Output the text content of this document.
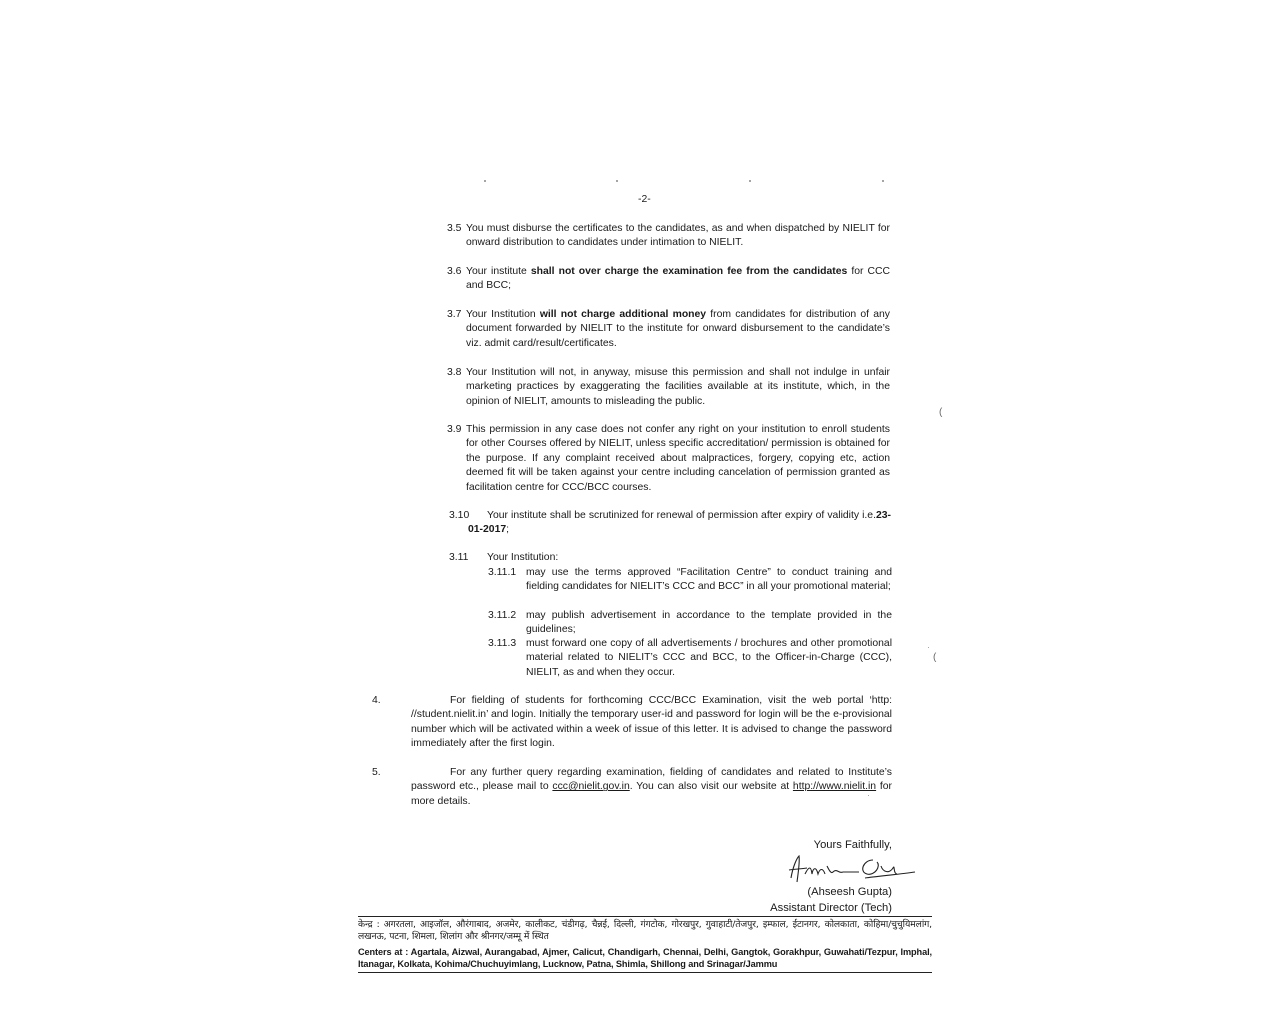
-2-
3.5 You must disburse the certificates to the candidates, as and when dispatched by NIELIT for onward distribution to candidates under intimation to NIELIT.
3.6 Your institute shall not over charge the examination fee from the candidates for CCC and BCC;
3.7 Your Institution will not charge additional money from candidates for distribution of any document forwarded by NIELIT to the institute for onward disbursement to the candidate’s viz. admit card/result/certificates.
3.8 Your Institution will not, in anyway, misuse this permission and shall not indulge in unfair marketing practices by exaggerating the facilities available at its institute, which, in the opinion of NIELIT, amounts to misleading the public.
3.9 This permission in any case does not confer any right on your institution to enroll students for other Courses offered by NIELIT, unless specific accreditation/ permission is obtained for the purpose. If any complaint received about malpractices, forgery, copying etc, action deemed fit will be taken against your centre including cancelation of permission granted as facilitation centre for CCC/BCC courses.
3.10	Your institute shall be scrutinized for renewal of permission after expiry of validity i.e.23-01-2017;
3.11 Your Institution:
3.11.1 may use the terms approved “Facilitation Centre” to conduct training and fielding candidates for NIELIT’s CCC and BCC” in all your promotional material;
3.11.2 may publish advertisement in accordance to the template provided in the guidelines;
3.11.3 must forward one copy of all advertisements / brochures and other promotional material related to NIELIT’s CCC and BCC, to the Officer-in-Charge (CCC), NIELIT, as and when they occur.
4.	For fielding of students for forthcoming CCC/BCC Examination, visit the web portal ‘http: //student.nielit.in’ and login. Initially the temporary user-id and password for login will be the e-provisional number which will be activated within a week of issue of this letter. It is advised to change the password immediately after the first login.
5.	For any further query regarding examination, fielding of candidates and related to Institute’s password etc., please mail to ccc@nielit.gov.in. You can also visit our website at http://www.nielit.in for more details.
Yours Faithfully,
(Ahseesh Gupta)
Assistant Director (Tech)
केन्द्र : अगरतला, आइजॉल, औरंगाबाद, अजमेर, कालीकट, चंडीगढ़, चैन्नई, दिल्ली, गंगटोक, गोरखपुर, गुवाहाटी/तेजपुर, इम्फाल, ईटानगर, कोलकाता, कोहिमा/चुचुयिमलांग, लखनऊ, पटना, शिमला, शिलांग और श्रीनगर/जम्मू में स्थित
Centers at : Agartala, Aizwal, Aurangabad, Ajmer, Calicut, Chandigarh, Chennai, Delhi, Gangtok, Gorakhpur, Guwahati/Tezpur, Imphal, Itanagar, Kolkata, Kohima/Chuchuyimlang, Lucknow, Patna, Shimla, Shillong and Srinagar/Jammu
(
(
